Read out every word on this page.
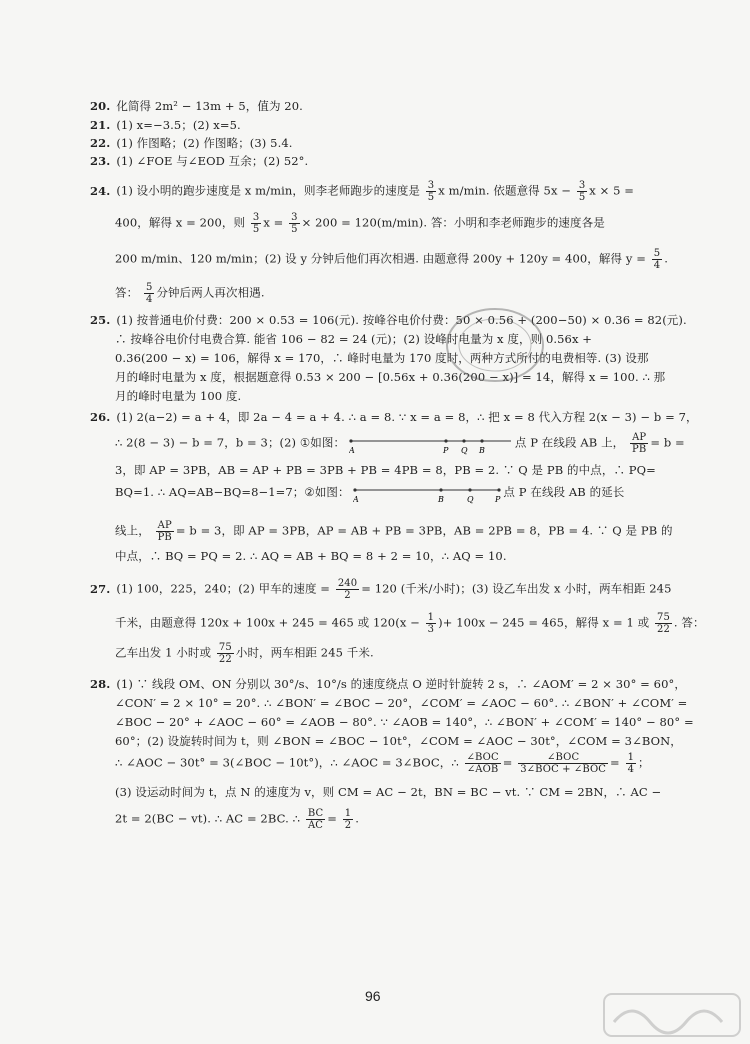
20. 化简得 2m² − 13m + 5，值为 20.
21. (1) x=−3.5；(2) x=5.
22. (1) 作图略；(2) 作图略；(3) 5.4.
23. (1) ∠FOE 与∠EOD 互余；(2) 52°.
24. (1) 设小明的跑步速度是 x m/min，则李老师跑步的速度是 $\frac{3}{5}$ x m/min. 依题意得 $5x - \frac{3}{5}$ x × 5 =
400，解得 x = 200，则 $\frac{3}{5}$ $x = \frac{3}{5} \times 200 = 120(m/\min)$. 答：小明和李老师跑步的速度各是
200 m/min、120 m/min；(2) 设 y 分钟后他们再次相遇. 由题意得 200y + 120y = 400，解得 $y = \frac{5}{4}$ .
答： $\frac{5}{4}$ 分钟后两人再次相遇.
25. (1) 按普通电价付费：200 × 0.53 = 106(元). 按峰谷电价付费：50 × 0.56 + (200−50) × 0.36 = 82(元).
∴ 按峰谷电价付电费合算. 能省 106 − 82 = 24 (元)；(2) 设峰时电量为 x 度，则 0.56x +
0.36(200 − x) = 106，解得 x = 170，∴ 峰时电量为 170 度时，两种方式所付的电费相等. (3) 设那
月的峰时电量为 x 度，根据题意得 0.53 × 200 − [0.56x + 0.36(200 − x)] = 14，解得 x = 100. ∴ 那
月的峰时电量为 100 度.
26. (1) 2(a−2) = a + 4，即 2a − 4 = a + 4. ∴ a = 8. ∵ x = a = 8，∴ 把 x = 8 代入方程 2(x − 3) − b = 7，
∴ 2(8 − 3) − b = 7，b = 3；(2) ①如图：
A	P Q B
点 P 在线段 AB 上， $\frac{AP}{PB} = b$ =
3，即 AP = 3PB，AB = AP + PB = 3PB + PB = 4PB = 8，PB = 2. ∵ Q 是 PB 的中点，∴ PQ=
BQ=1. ∴ AQ=AB−BQ=8−1=7；②如图：
A	B	Q	P
点 P 在线段 AB 的延长
线上， $\frac{AP}{PB} = b = 3$，即 AP = 3PB，AP = AB + PB = 3PB，AB = 2PB = 8，PB = 4. ∵ Q 是 PB 的
中点，∴ BQ = PQ = 2. ∴ AQ = AB + BQ = 8 + 2 = 10，∴ AQ = 10.
27. (1) 100，225，240；(2) 甲车的速度 = $\frac{240}{2} = 120$ (千米/小时)；(3) 设乙车出发 x 小时，两车相距 245
千米，由题意得 120x + 100x + 245 = 465 或 $120(x - \frac{1}{3}$ )+ 100x − 245 = 465，解得 x = 1 或 $\frac{75}{22}$ . 答：
乙车出发 1 小时或 $\frac{75}{22}$ 小时，两车相距 245 千米.
28. (1) ∵ 线段 OM、ON 分别以 30°/s、10°/s 的速度绕点 O 逆时针旋转 2 s，∴ ∠AOM′ = 2 × 30° = 60°，
∠CON′ = 2 × 10° = 20°. ∴ ∠BON′ = ∠BOC − 20°，∠COM′ = ∠AOC − 60°. ∴ ∠BON′ + ∠COM′ =
∠BOC − 20° + ∠AOC − 60° = ∠AOB − 80°. ∵ ∠AOB = 140°，∴ ∠BON′ + ∠COM′ = 140° − 80° =
60°；(2) 设旋转时间为 t，则 ∠BON = ∠BOC − 10t°，∠COM = ∠AOC − 30t°，∠COM = 3∠BON，
∴ ∠AOC − 30t° = 3(∠BOC − 10t°)，∴ ∠AOC = 3∠BOC，∴ $\frac{\text{∠BOC}}{\text{∠AOB}} = \frac{\text{∠BOC}}{\text{3∠BOC + ∠BOC}} = \frac{1}{4}$ ；
(3) 设运动时间为 t，点 N 的速度为 v，则 CM = AC − 2t，BN = BC − vt. ∵ CM = 2BN，∴ AC −
2t = 2(BC − vt). ∴ AC = 2BC. ∴ $\frac{BC}{AC} = \frac{1}{2}$ .
96
